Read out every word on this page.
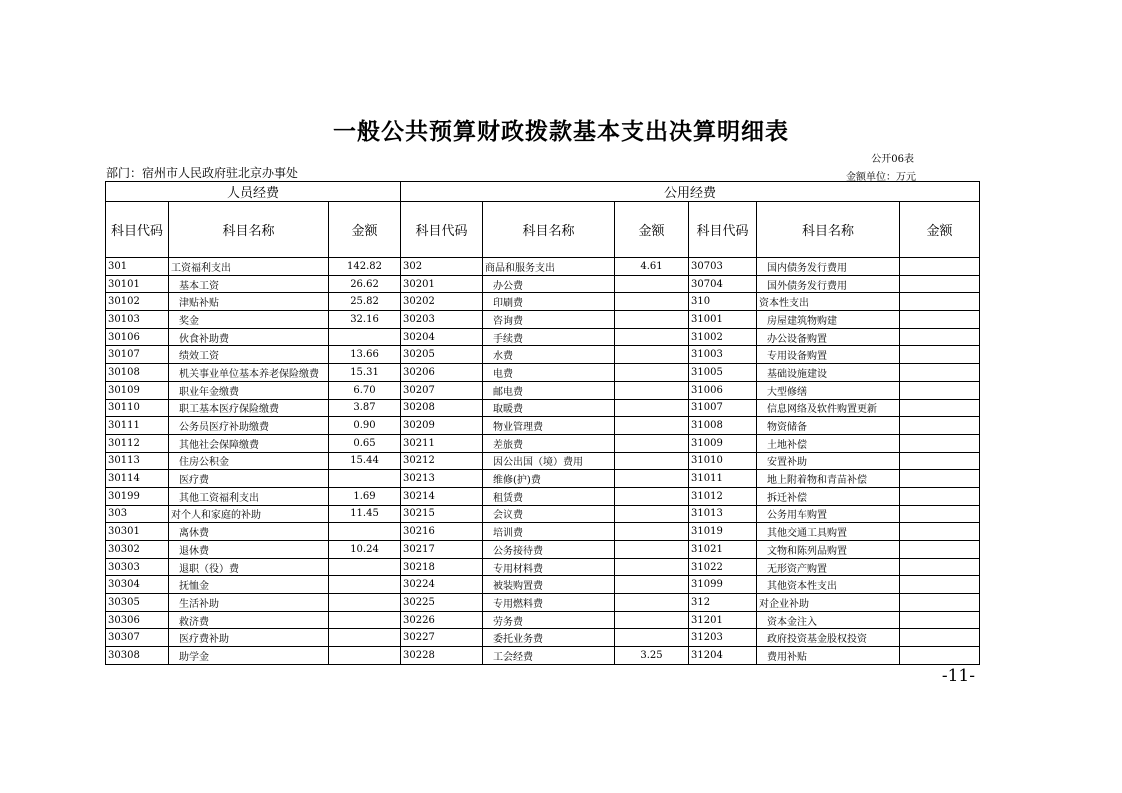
一般公共预算财政拨款基本支出决算明细表
公开06表
部门：宿州市人民政府驻北京办事处	金额单位：万元
人员经费			公用经费					
科目代码	科目名称	金额	科目代码	科目名称	金额	科目代码	科目名称	金额
301	工资福利支出	142.82	302	商品和服务支出	4.61	30703	国内债务发行费用	
30101	基本工资	26.62	30201	办公费		30704	国外债务发行费用	
30102	津贴补贴	25.82	30202	印刷费		310	资本性支出	
30103	奖金	32.16	30203	咨询费		31001	房屋建筑物购建	
30106	伙食补助费		30204	手续费		31002	办公设备购置	
30107	绩效工资	13.66	30205	水费		31003	专用设备购置	
30108	机关事业单位基本养老保险缴费	15.31	30206	电费		31005	基础设施建设	
30109	职业年金缴费	6.70	30207	邮电费		31006	大型修缮	
30110	职工基本医疗保险缴费	3.87	30208	取暖费		31007	信息网络及软件购置更新	
30111	公务员医疗补助缴费	0.90	30209	物业管理费		31008	物资储备	
30112	其他社会保障缴费	0.65	30211	差旅费		31009	土地补偿	
30113	住房公积金	15.44	30212	因公出国（境）费用		31010	安置补助	
30114	医疗费		30213	维修(护)费		31011	地上附着物和青苗补偿	
30199	其他工资福利支出	1.69	30214	租赁费		31012	拆迁补偿	
303	对个人和家庭的补助	11.45	30215	会议费		31013	公务用车购置	
30301	离休费		30216	培训费		31019	其他交通工具购置	
30302	退休费	10.24	30217	公务接待费		31021	文物和陈列品购置	
30303	退职（役）费		30218	专用材料费		31022	无形资产购置	
30304	抚恤金		30224	被装购置费		31099	其他资本性支出	
30305	生活补助		30225	专用燃料费		312	对企业补助	
30306	救济费		30226	劳务费		31201	资本金注入	
30307	医疗费补助		30227	委托业务费		31203	政府投资基金股权投资	
30308	助学金		30228	工会经费	3.25	31204	费用补贴	
-11-
